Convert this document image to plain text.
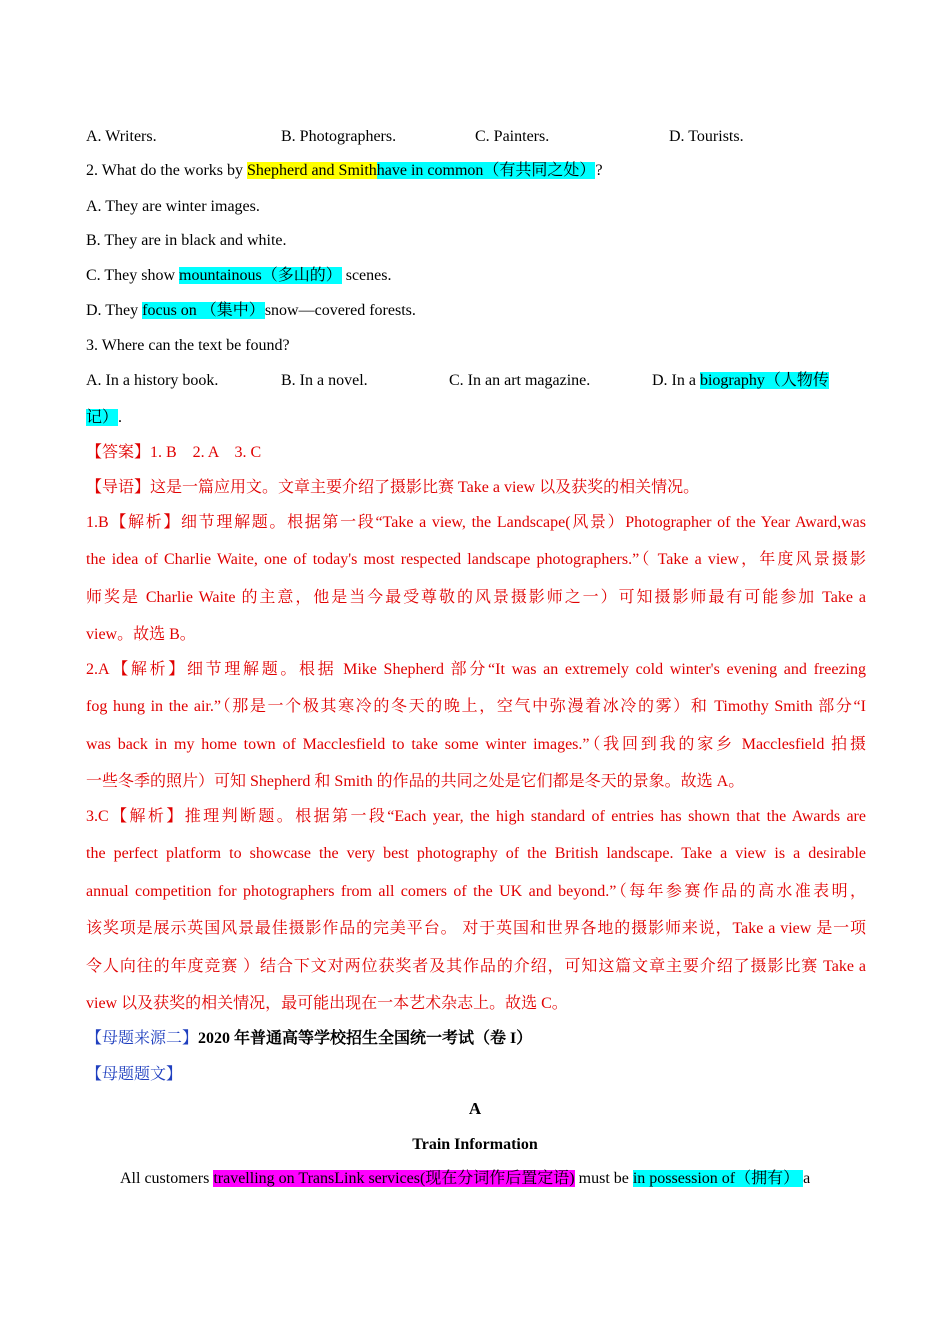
A. Writers.	B. Photographers.	C. Painters.	D. Tourists.
2. What do the works by Shepherd and Smithhave in common（有共同之处）?
A. They are winter images.
B. They are in black and white.
C. They show mountainous（多山的） scenes.
D. They focus on （集中）snow—covered forests.
3. Where can the text be found?
A. In a history book.	B. In a novel.	C. In an art magazine.	D. In a biography（人物传
记）.
【答案】1. B　2. A　3. C
【导语】这是一篇应用文。文章主要介绍了摄影比赛 Take a view 以及获奖的相关情况。
1.B【解析】细节理解题。根据第一段“Take a view, the Landscape(风景）Photographer of the Year Award,was
the idea of Charlie Waite, one of today's most respected landscape photographers.”（ Take a view，年度风景摄影
师奖是 Charlie Waite 的主意，他是当今最受尊敬的风景摄影师之一）可知摄影师最有可能参加 Take a
view。故选 B。
2.A【解析】细节理解题。根据 Mike Shepherd 部分“It was an extremely cold winter's evening and freezing
fog hung in the air.”（那是一个极其寒冷的冬天的晚上，空气中弥漫着冰冷的雾）和 Timothy Smith 部分“I
was back in my home town of Macclesfield to take some winter images.”（我回到我的家乡 Macclesfield 拍摄
一些冬季的照片）可知 Shepherd 和 Smith 的作品的共同之处是它们都是冬天的景象。故选 A。
3.C【解析】推理判断题。根据第一段“Each year, the high standard of entries has shown that the Awards are
the perfect platform to showcase the very best photography of the British landscape. Take a view is a desirable
annual competition for photographers from all comers of the UK and beyond.”（每年参赛作品的高水准表明，
该奖项是展示英国风景最佳摄影作品的完美平台。 对于英国和世界各地的摄影师来说，Take a view 是一项
令人向往的年度竞赛 ）结合下文对两位获奖者及其作品的介绍，可知这篇文章主要介绍了摄影比赛 Take a
view 以及获奖的相关情况，最可能出现在一本艺术杂志上。故选 C。
【母题来源二】2020 年普通高等学校招生全国统一考试（卷 I）
【母题题文】
A
Train Information
All customers travelling on TransLink services(现在分词作后置定语) must be in possession of（拥有） a
